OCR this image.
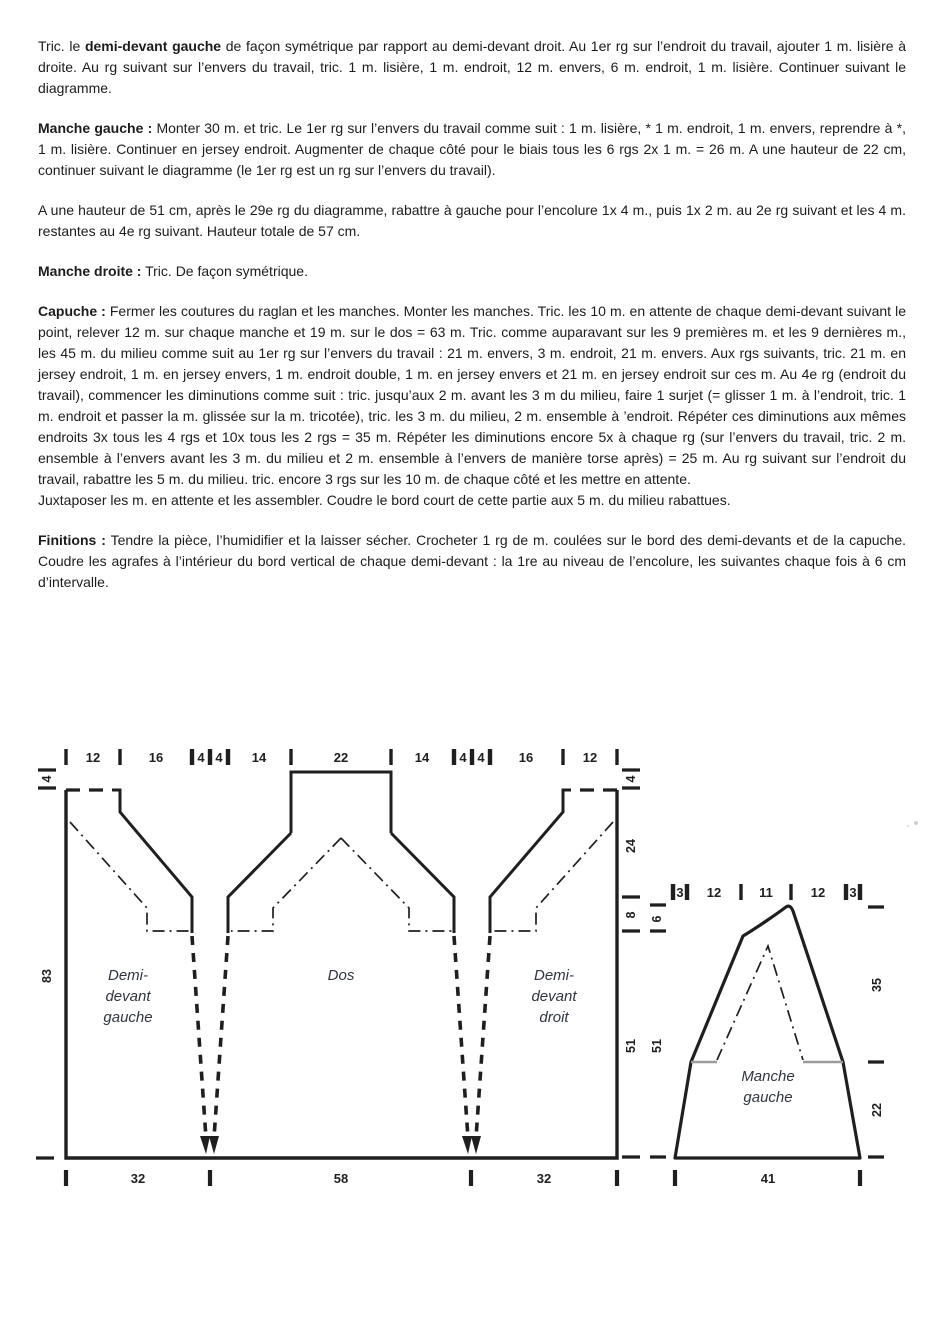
Tric. le demi-devant gauche de façon symétrique par rapport au demi-devant droit. Au 1er rg sur l’endroit du travail, ajouter 1 m. lisière à droite. Au rg suivant sur l’envers du travail, tric. 1 m. lisière, 1 m. endroit, 12 m. envers, 6 m. endroit, 1 m. lisière. Continuer suivant le diagramme.

Manche gauche : Monter 30 m. et tric. Le 1er rg sur l’envers du travail comme suit : 1 m. lisière, * 1 m. endroit, 1 m. envers, reprendre à *, 1 m. lisière. Continuer en jersey endroit. Augmenter de chaque côté pour le biais tous les 6 rgs 2x 1 m. = 26 m. A une hauteur de 22 cm, continuer suivant le diagramme (le 1er rg est un rg sur l’envers du travail).

A une hauteur de 51 cm, après le 29e rg du diagramme, rabattre à gauche pour l’encolure 1x 4 m., puis 1x 2 m. au 2e rg suivant et les 4 m. restantes au 4e rg suivant. Hauteur totale de 57 cm.

Manche droite : Tric. De façon symétrique.

Capuche : Fermer les coutures du raglan et les manches. Monter les manches. Tric. les 10 m. en attente de chaque demi-devant suivant le point, relever 12 m. sur chaque manche et 19 m. sur le dos = 63 m. Tric. comme auparavant sur les 9 premières m. et les 9 dernières m., les 45 m. du milieu comme suit au 1er rg sur l’envers du travail : 21 m. envers, 3 m. endroit, 21 m. envers. Aux rgs suivants, tric. 21 m. en jersey endroit, 1 m. en jersey envers, 1 m. endroit double, 1 m. en jersey envers et 21 m. en jersey endroit sur ces m. Au 4e rg (endroit du travail), commencer les diminutions comme suit : tric. jusqu’aux 2 m. avant les 3 m du milieu, faire 1 surjet (= glisser 1 m. à l’endroit, tric. 1 m. endroit et passer la m. glissée sur la m. tricotée), tric. les 3 m. du milieu, 2 m. ensemble à ’endroit. Répéter ces diminutions aux mêmes endroits 3x tous les 4 rgs et 10x tous les 2 rgs = 35 m. Répéter les diminutions encore 5x à chaque rg (sur l’envers du travail, tric. 2 m. ensemble à l’envers avant les 3 m. du milieu et 2 m. ensemble à l’envers de manière torse après) = 25 m. Au rg suivant sur l’endroit du travail, rabattre les 5 m. du milieu. tric. encore 3 rgs sur les 10 m. de chaque côté et les mettre en attente.

Juxtaposer les m. en attente et les assembler. Coudre le bord court de cette partie aux 5 m. du milieu rabattues.

Finitions : Tendre la pièce, l’humidifier et la laisser sécher. Crocheter 1 rg de m. coulées sur le bord des demi-devants et de la capuche. Coudre les agrafes à l’intérieur du bord vertical de chaque demi-devant : la 1re au niveau de l’encolure, les suivantes chaque fois à 6 cm d’intervalle.

12	16	4 4 14	22	14 4 4	16	12
4
83
4
24
8
51
32	58	32
Demi-
devant
gauche
Dos	Demi-
devant
droit
3 12	11	12 3
6
51
35
22
41
Manche
gauche
